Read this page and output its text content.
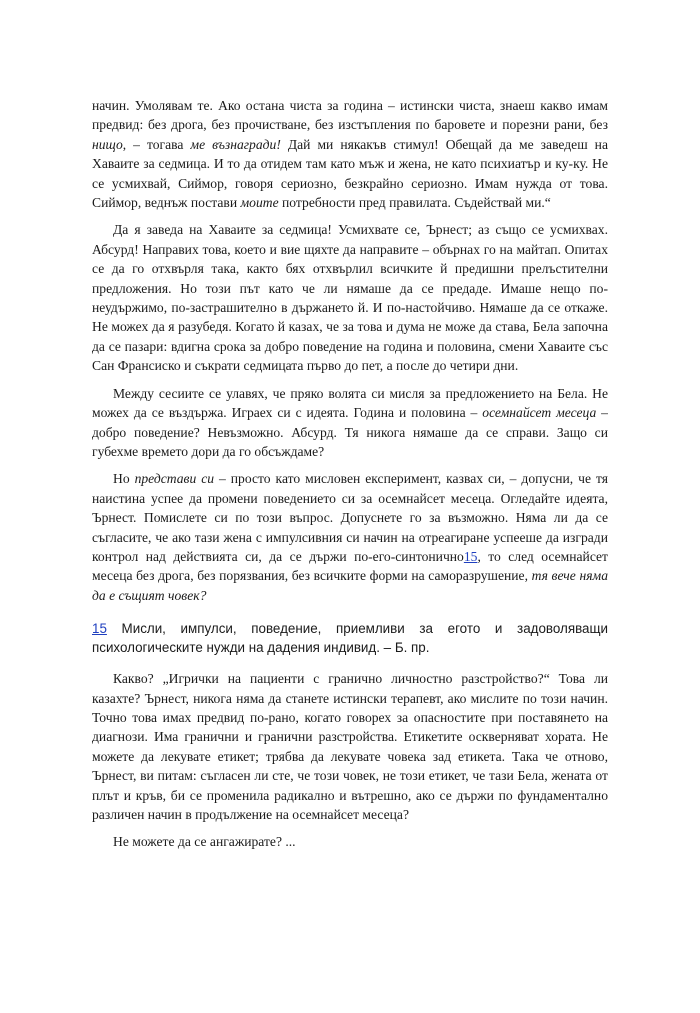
начин. Умолявам те. Ако остана чиста за година – истински чиста, знаеш какво имам предвид: без дрога, без прочистване, без изстъпления по баровете и порезни рани, без нищо, – тогава ме възнагради! Дай ми някакъв стимул! Обещай да ме заведеш на Хаваите за седмица. И то да отидем там като мъж и жена, не като психиатър и ку-ку. Не се усмихвай, Сиймор, говоря сериозно, безкрайно сериозно. Имам нужда от това. Сиймор, веднъж постави моите потребности пред правилата. Съдействай ми.“

Да я заведа на Хаваите за седмица! Усмихвате се, Ърнест; аз също се усмихвах. Абсурд! Направих това, което и вие щяхте да направите – обърнах го на майтап. Опитах се да го отхвърля така, както бях отхвърлил всичките й предишни прелъстителни предложения. Но този път като че ли нямаше да се предаде. Имаше нещо по-неудържимо, по-застрашително в държането й. И по-настойчиво. Нямаше да се откаже. Не можех да я разубедя. Когато й казах, че за това и дума не може да става, Бела започна да се пазари: вдигна срока за добро поведение на година и половина, смени Хаваите със Сан Франсиско и съкрати седмицата първо до пет, а после до четири дни.

Между сесиите се улавях, че пряко волята си мисля за предложението на Бела. Не можех да се въздържа. Играех си с идеята. Година и половина – осемнайсет месеца – добро поведение? Невъзможно. Абсурд. Тя никога нямаше да се справи. Защо си губехме времето дори да го обсъждаме?

Но представи си – просто като мисловен експеримент, казвах си, – допусни, че тя наистина успее да промени поведението си за осемнайсет месеца. Огледайте идеята, Ърнест. Помислете си по този въпрос. Допуснете го за възможно. Няма ли да се съгласите, че ако тази жена с импулсивния си начин на отреагиране успееше да изгради контрол над действията си, да се държи по-его-синтонично15, то след осемнайсет месеца без дрога, без порязвания, без всичките форми на саморазрушение, тя вече няма да е същият човек?

15 Мисли, импулси, поведение, приемливи за егото и задоволяващи психологическите нужди на дадения индивид. – Б. пр.

Какво? „Игрички на пациенти с гранично личностно разстройство?“ Това ли казахте? Ърнест, никога няма да станете истински терапевт, ако мислите по този начин. Точно това имах предвид по-рано, когато говорех за опасностите при поставянето на диагнози. Има гранични и гранични разстройства. Етикетите оскверняват хората. Не можете да лекувате етикет; трябва да лекувате човека зад етикета. Така че отново, Ърнест, ви питам: съгласен ли сте, че този човек, не този етикет, че тази Бела, жената от плът и кръв, би се променила радикално и вътрешно, ако се държи по фундаментално различен начин в продължение на осемнайсет месеца?

Не можете да се ангажирате? ...
